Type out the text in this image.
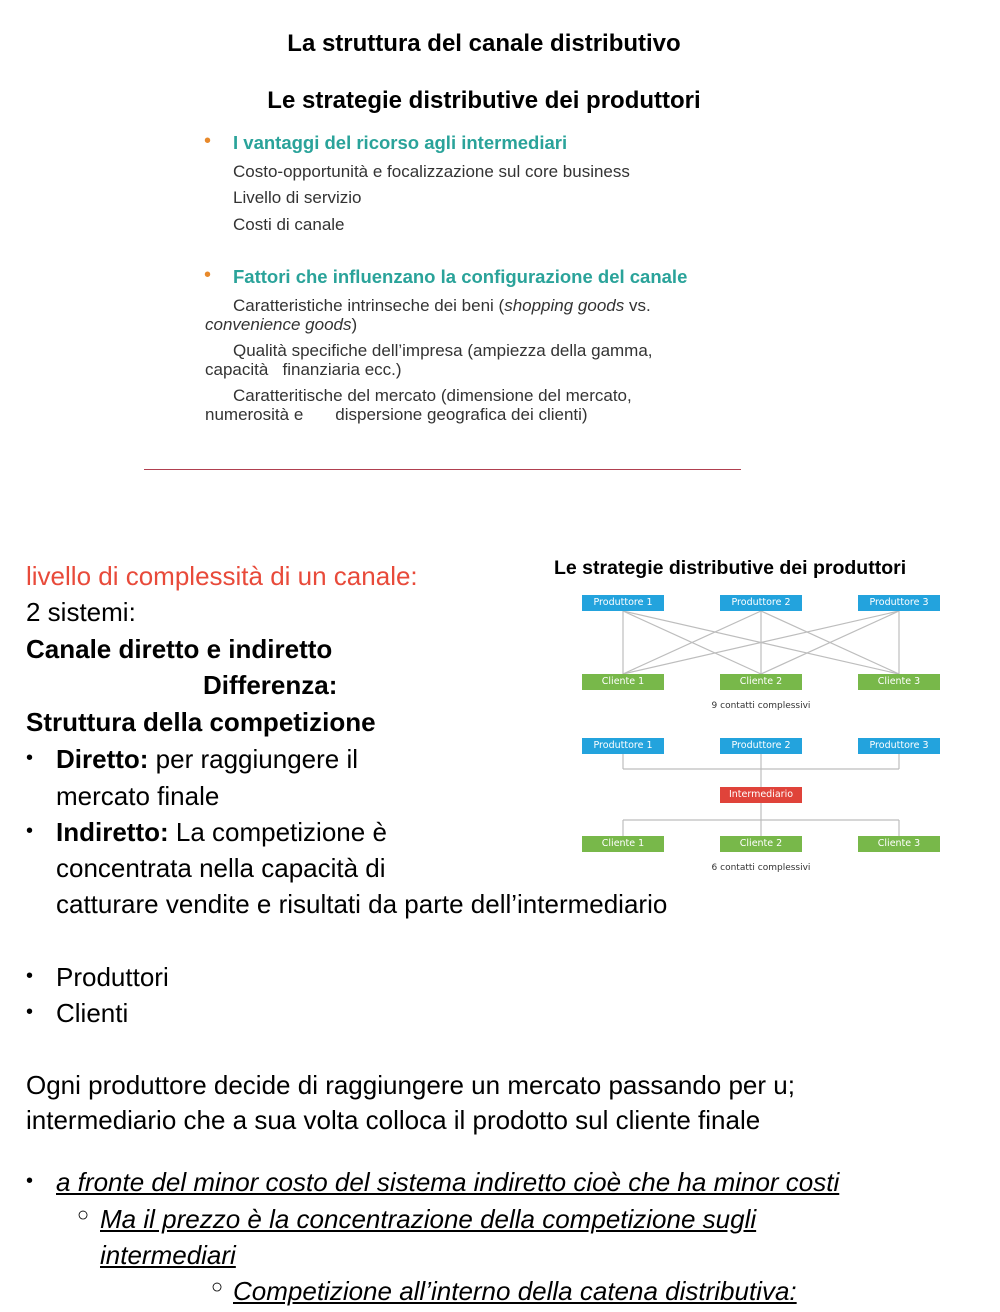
La struttura del canale distributivo
Le strategie distributive dei produttori
• I vantaggi del ricorso agli intermediari
Costo-opportunità e focalizzazione sul core business
Livello di servizio
Costi di canale
• Fattori che influenzano la configurazione del canale
Caratteristiche intrinseche dei beni (shopping goods vs.
convenience goods)
Qualità specifiche dell’impresa (ampiezza della gamma,
capacità finanziaria ecc.)
Caratteritische del mercato (dimensione del mercato,
numerosità e dispersione geografica dei clienti)
livello di complessità di un canale:
2 sistemi:
Canale diretto e indiretto
Differenza:
Struttura della competizione
• Diretto: per raggiungere il
mercato finale
• Indiretto: La competizione è
concentrata nella capacità di
catturare vendite e risultati da parte dell’intermediario
• Produttori
• Clienti
Ogni produttore decide di raggiungere un mercato passando per u;
intermediario che a sua volta colloca il prodotto sul cliente finale
• a fronte del minor costo del sistema indiretto cioè che ha minor costi
○ Ma il prezzo è la concentrazione della competizione sugli
intermediari
○ Competizione all’interno della catena distributiva:
Le strategie distributive dei produttori
Produttore 1	Produttore 2	Produttore 3
Cliente 1	Cliente 2	Cliente 3
9 contatti complessivi
Produttore 1	Produttore 2	Produttore 3
Intermediario
Cliente 1	Cliente 2	Cliente 3
6 contatti complessivi
